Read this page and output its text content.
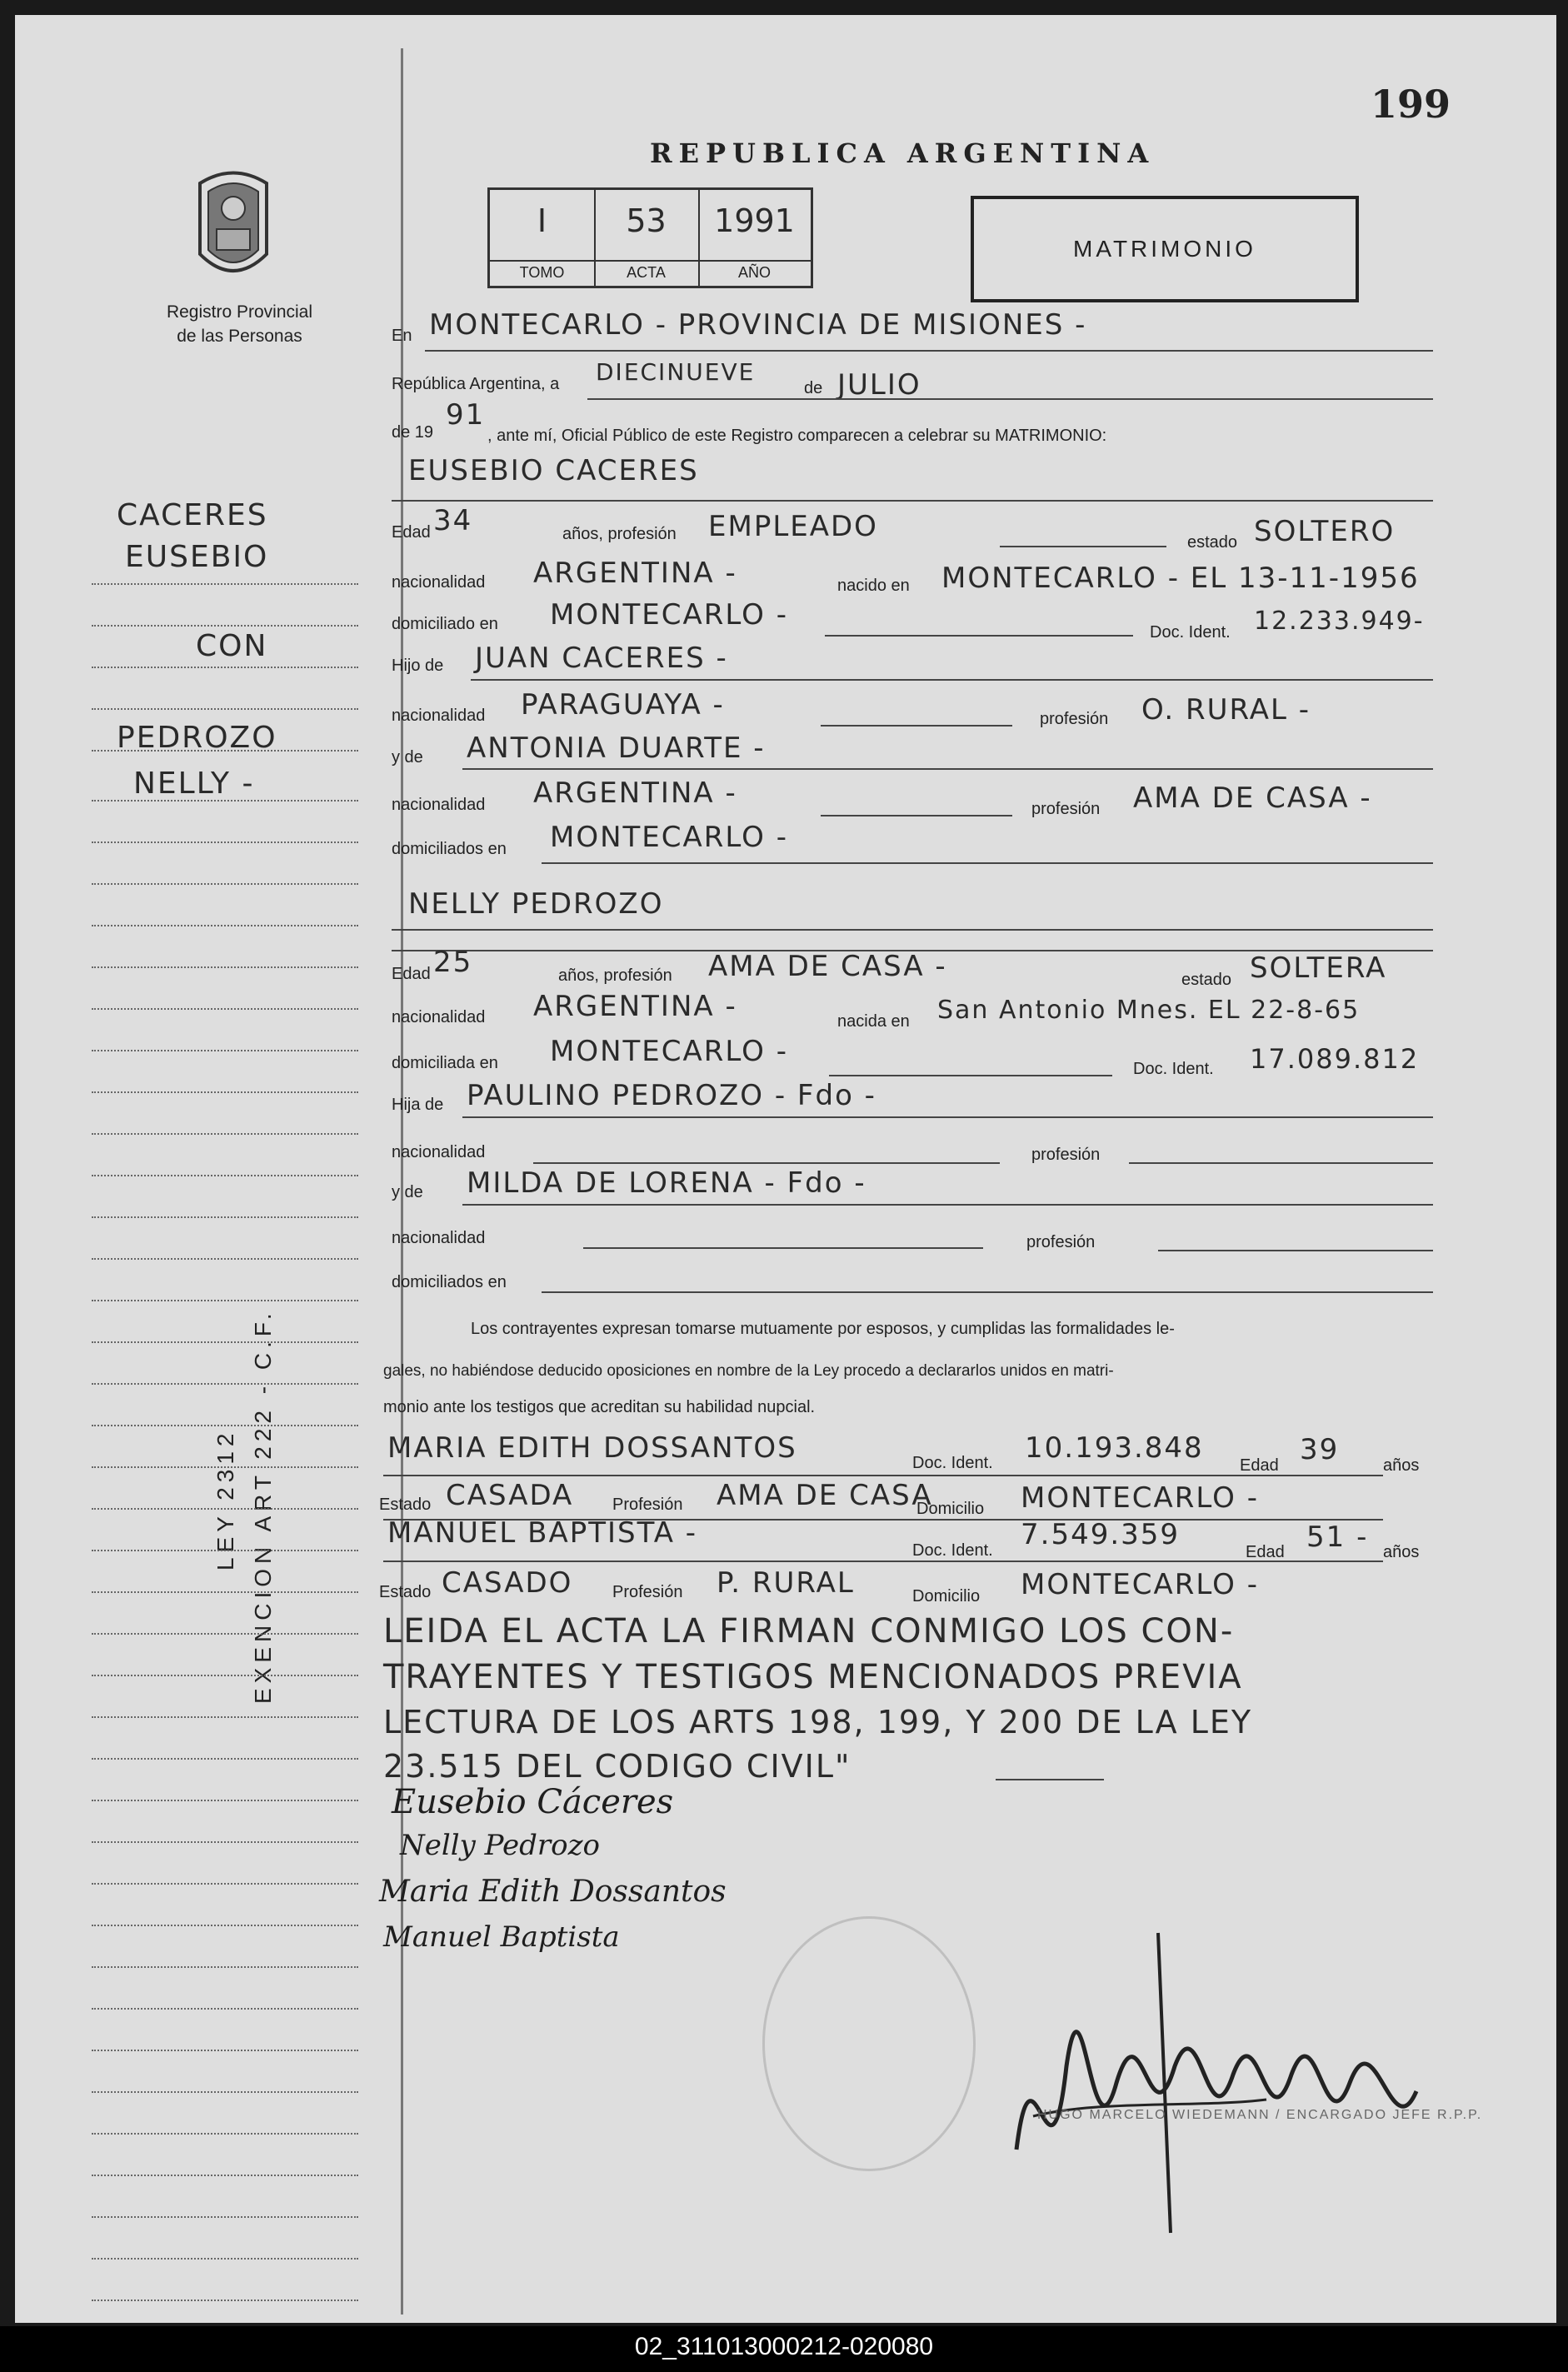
199
REPUBLICA ARGENTINA
Registro Provincial
de las Personas
I
TOMO
53
ACTA
1991
AÑO
MATRIMONIO
CACERES
EUSEBIO
CON
PEDROZO
NELLY -
LEY 2312 EXENCION ART 222 - C.F.
En MONTECARLO - PROVINCIA DE MISIONES -
República Argentina, a DIECINUEVE
de JULIO
de 19
91
, ante mí, Oficial Público de este Registro comparecen a celebrar su MATRIMONIO:
EUSEBIO CACERES
Edad 34	años, profesión EMPLEADO	estado SOLTERO
nacionalidad ARGENTINA -	nacido en MONTECARLO - EL 13-11-1956
domiciliado en MONTECARLO -
Doc. Ident. 12.233.949-
Hijo de JUAN CACERES -
nacionalidad PARAGUAYA -	profesión O. RURAL -
y de ANTONIA DUARTE -
nacionalidad ARGENTINA -	profesión AMA DE CASA -
domiciliados en MONTECARLO -
NELLY PEDROZO
Edad 25	años, profesión AMA DE CASA -	estado SOLTERA
nacionalidad ARGENTINA -	nacida en San Antonio Mnes. EL 22-8-65
domiciliada en MONTECARLO -
Doc. Ident. 17.089.812
Hija de PAULINO PEDROZO - Fdo -
nacionalidad	profesión
y de MILDA DE LORENA - Fdo -
nacionalidad	profesión
domiciliados en
Los contrayentes expresan tomarse mutuamente por esposos, y cumplidas las formalidades le-
gales, no habiéndose deducido oposiciones en nombre de la Ley procedo a declararlos unidos en matri-
monio ante los testigos que acreditan su habilidad nupcial.
MARIA EDITH DOSSANTOS	Doc. Ident. 10.193.848
Edad 39	años
Estado CASADA Profesión AMA DE CASA
Domicilio MONTECARLO -
MANUEL BAPTISTA -
Doc. Ident. 7.549.359
Edad 51 - años
Estado CASADO Profesión P. RURAL	Domicilio MONTECARLO -
LEIDA EL ACTA LA FIRMAN CONMIGO LOS CON-
TRAYENTES Y TESTIGOS MENCIONADOS PREVIA
LECTURA DE LOS ARTS 198, 199, Y 200 DE LA LEY
23.515 DEL CODIGO CIVIL"
Eusebio Cáceres
Nelly Pedrozo
Maria Edith Dossantos
Manuel Baptista
HUGO MARCELO WIEDEMANN / ENCARGADO JEFE R.P.P.
02_311013000212-020080
